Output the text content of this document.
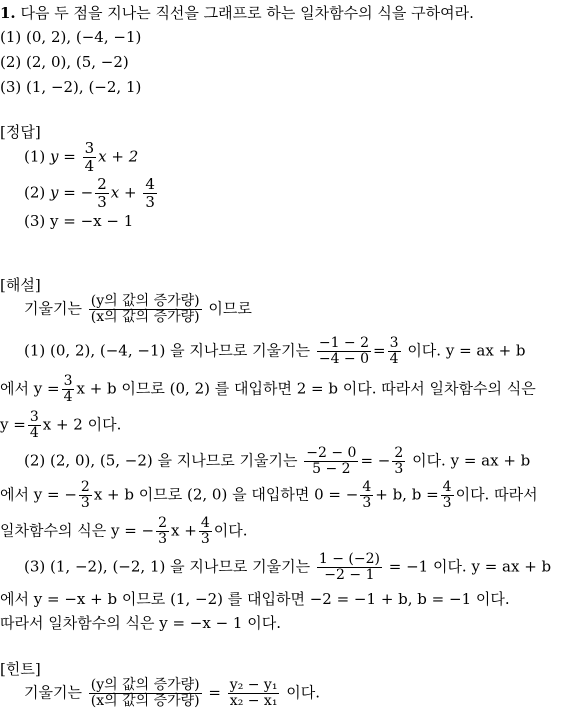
1. 다음 두 점을 지나는 직선을 그래프로 하는 일차함수의 식을 구하여라.
(1) (0, 2), (−4, −1)
(2) (2, 0), (5, −2)
(3) (1, −2), (−2, 1)
[정답]
(1) $y = \frac{3}{4}$ x + 2
(2) y = − $\frac{2}{3}$ $x + \frac{4}{3}$
(3) y = −x − 1
[해설]
기울기는 $\frac{\text{(y의 값의 증가량)}}{\text{(x의 값의 증가량)}}$ 이므로
(1) (0, 2), (−4, −1) 을 지나므로 기울기는 $\frac{-1 - 2}{-4 - 0} = \frac{3}{4}$ 이다. y = ax + b
에서 $y = \frac{3}{4}$ x + b 이므로 (0, 2) 를 대입하면 2 = b 이다. 따라서 일차함수의 식은
$y = \frac{3}{4}$ x + 2 이다.
(2) (2, 0), (5, −2) 을 지나므로 기울기는 $\frac{-2 - 0}{5 - 2}$ = − $\frac{2}{3}$ 이다. y = ax + b
에서 y = − $\frac{2}{3}$ x + b 이므로 (2, 0) 을 대입하면 0 = − $\frac{4}{3} + b$, $b = \frac{4}{3}$ 이다. 따라서
일차함수의 식은 y = − $\frac{2}{3}$ $x + \frac{4}{3}$ 이다.
(3) (1, −2), (−2, 1) 을 지나므로 기울기는 $\frac{1 - (-2)}{-2 - 1} = -1$ 이다. y = ax + b
에서 y = −x + b 이므로 (1, −2) 를 대입하면 −2 = −1 + b, b = −1 이다.
따라서 일차함수의 식은 y = −x − 1 이다.
[힌트]
기울기는 $\frac{\text{(y의 값의 증가량)}}{\text{(x의 값의 증가량)}} = \frac{\text{y₂ − y₁}}{\text{x₂ − x₁}}$ 이다.
